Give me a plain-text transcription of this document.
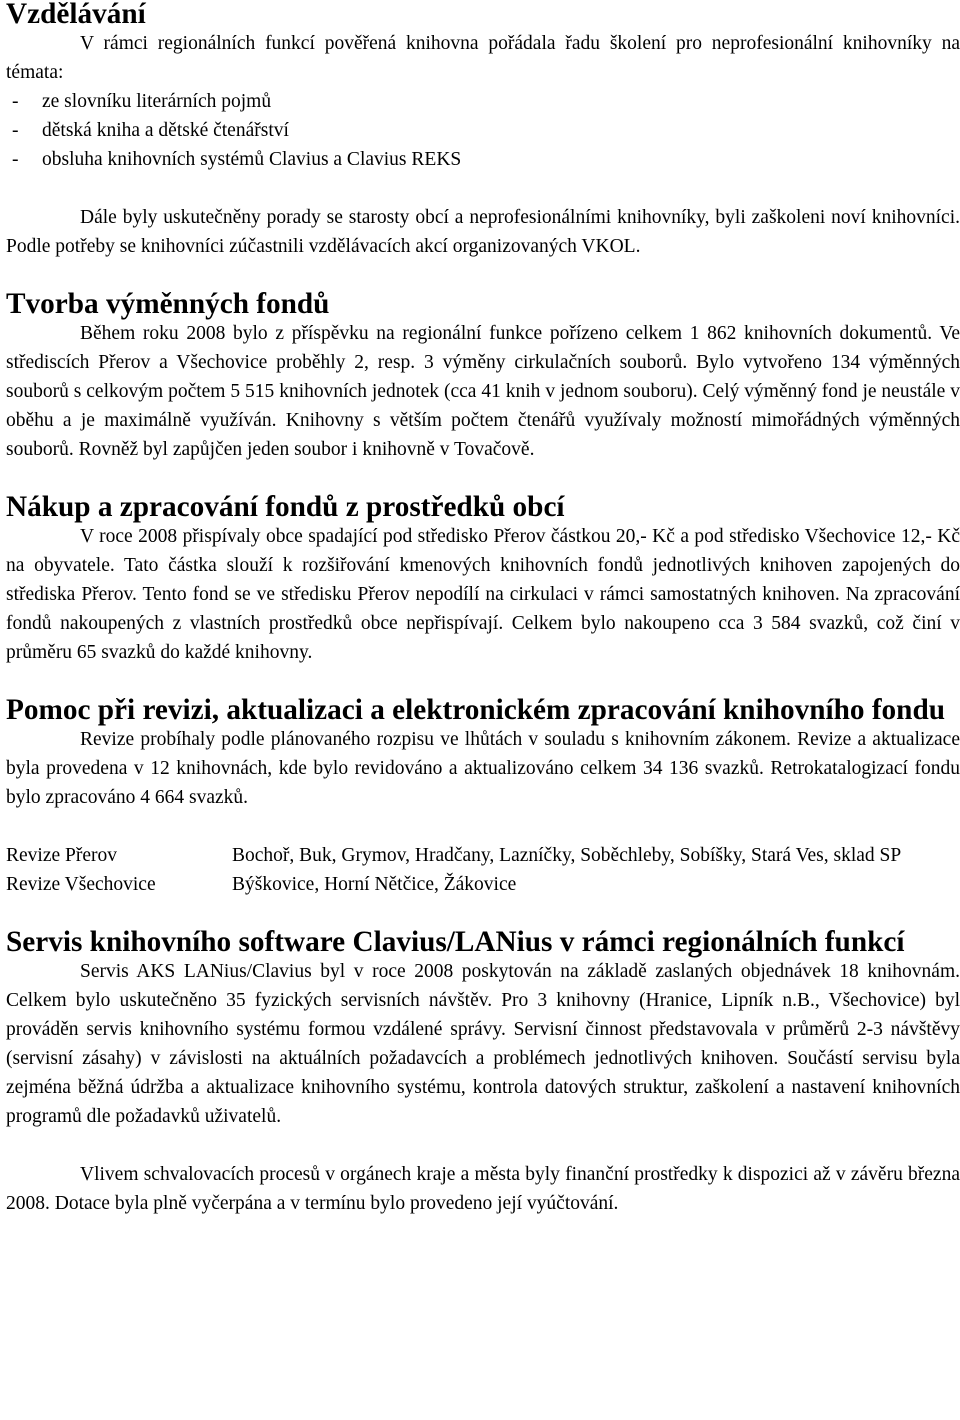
Vzdělávání

V rámci regionálních funkcí pověřená knihovna pořádala řadu školení pro neprofesionální knihovníky na témata:

- ze slovníku literárních pojmů
- dětská kniha a dětské čtenářství
- obsluha knihovních systémů Clavius a Clavius REKS

Dále byly uskutečněny porady se starosty obcí a neprofesionálními knihovníky, byli zaškoleni noví knihovníci. Podle potřeby se knihovníci zúčastnili vzdělávacích akcí organizovaných VKOL.

Tvorba výměnných fondů

Během roku 2008 bylo z příspěvku na regionální funkce pořízeno celkem 1 862 knihovních dokumentů. Ve střediscích Přerov a Všechovice proběhly 2, resp. 3 výměny cirkulačních souborů. Bylo vytvořeno 134 výměnných souborů s celkovým počtem 5 515 knihovních jednotek (cca 41 knih v jednom souboru). Celý výměnný fond je neustále v oběhu a je maximálně využíván. Knihovny s větším počtem čtenářů využívaly možností mimořádných výměnných souborů. Rovněž byl zapůjčen jeden soubor i knihovně v Tovačově.

Nákup a zpracování fondů z prostředků obcí

V roce 2008 přispívaly obce spadající pod středisko Přerov částkou 20,- Kč a pod středisko Všechovice 12,- Kč na obyvatele. Tato částka slouží k rozšiřování kmenových knihovních fondů jednotlivých knihoven zapojených do střediska Přerov. Tento fond se ve středisku Přerov nepodílí na cirkulaci v rámci samostatných knihoven. Na zpracování fondů nakoupených z vlastních prostředků obce nepřispívají. Celkem bylo nakoupeno cca 3 584 svazků, což činí v průměru 65 svazků do každé knihovny.

Pomoc při revizi, aktualizaci a elektronickém zpracování knihovního fondu

Revize probíhaly podle plánovaného rozpisu ve lhůtách v souladu s knihovním zákonem. Revize a aktualizace byla provedena v 12 knihovnách, kde bylo revidováno a aktualizováno celkem 34 136 svazků. Retrokatalogizací fondu bylo zpracováno 4 664 svazků.

Revize Přerov	Bochoř, Buk, Grymov, Hradčany, Lazníčky, Soběchleby, Sobíšky, Stará Ves, sklad SP
Revize Všechovice	Býškovice, Horní Nětčice, Žákovice
Servis knihovního software Clavius/LANius v rámci regionálních funkcí

Servis AKS LANius/Clavius byl v roce 2008 poskytován na základě zaslaných objednávek 18 knihovnám. Celkem bylo uskutečněno 35 fyzických servisních návštěv. Pro 3 knihovny (Hranice, Lipník n.B., Všechovice) byl prováděn servis knihovního systému formou vzdálené správy. Servisní činnost představovala v průměrů 2-3 návštěvy (servisní zásahy) v závislosti na aktuálních požadavcích a problémech jednotlivých knihoven. Součástí servisu byla zejména běžná údržba a aktualizace knihovního systému, kontrola datových struktur, zaškolení a nastavení knihovních programů dle požadavků uživatelů.

Vlivem schvalovacích procesů v orgánech kraje a města byly finanční prostředky k dispozici až v závěru března 2008. Dotace byla plně vyčerpána a v termínu bylo provedeno její vyúčtování.
